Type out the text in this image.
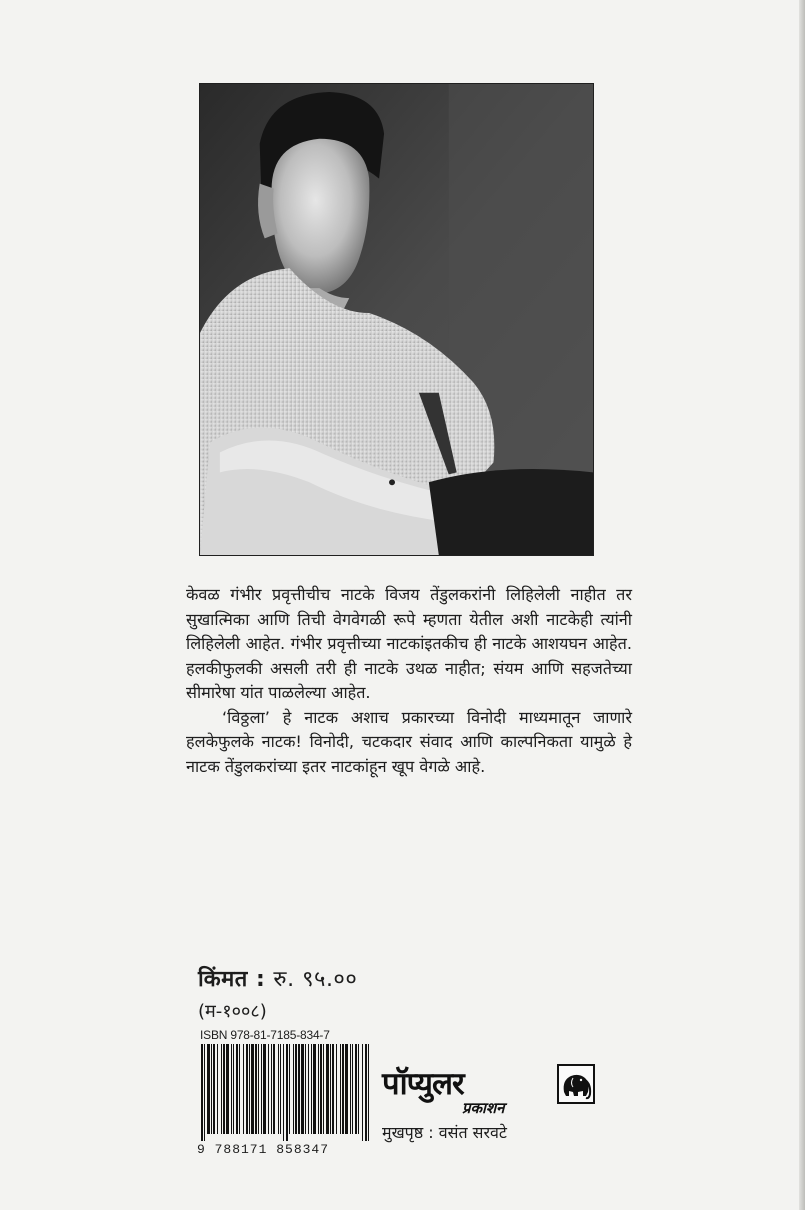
केवळ गंभीर प्रवृत्तीचीच नाटके विजय तेंडुलकरांनी लिहिलेली नाहीत तर सुखात्मिका आणि तिची वेगवेगळी रूपे म्हणता येतील अशी नाटकेही त्यांनी लिहिलेली आहेत. गंभीर प्रवृत्तीच्या नाटकांइतकीच ही नाटके आशयघन आहेत. हलकीफुलकी असली तरी ही नाटके उथळ नाहीत; संयम आणि सहजतेच्या सीमारेषा यांत पाळलेल्या आहेत.

‘विठ्ठला’ हे नाटक अशाच प्रकारच्या विनोदी माध्यमातून जाणारे हलकेफुलके नाटक! विनोदी, चटकदार संवाद आणि काल्पनिकता यामुळे हे नाटक तेंडुलकरांच्या इतर नाटकांहून खूप वेगळे आहे.

किंमत : रु. ९५.००
(म-१००८)
ISBN 978-81-7185-834-7
9 788171 858347
पॉप्युलर
प्रकाशन
मुखपृष्ठ : वसंत सरवटे
